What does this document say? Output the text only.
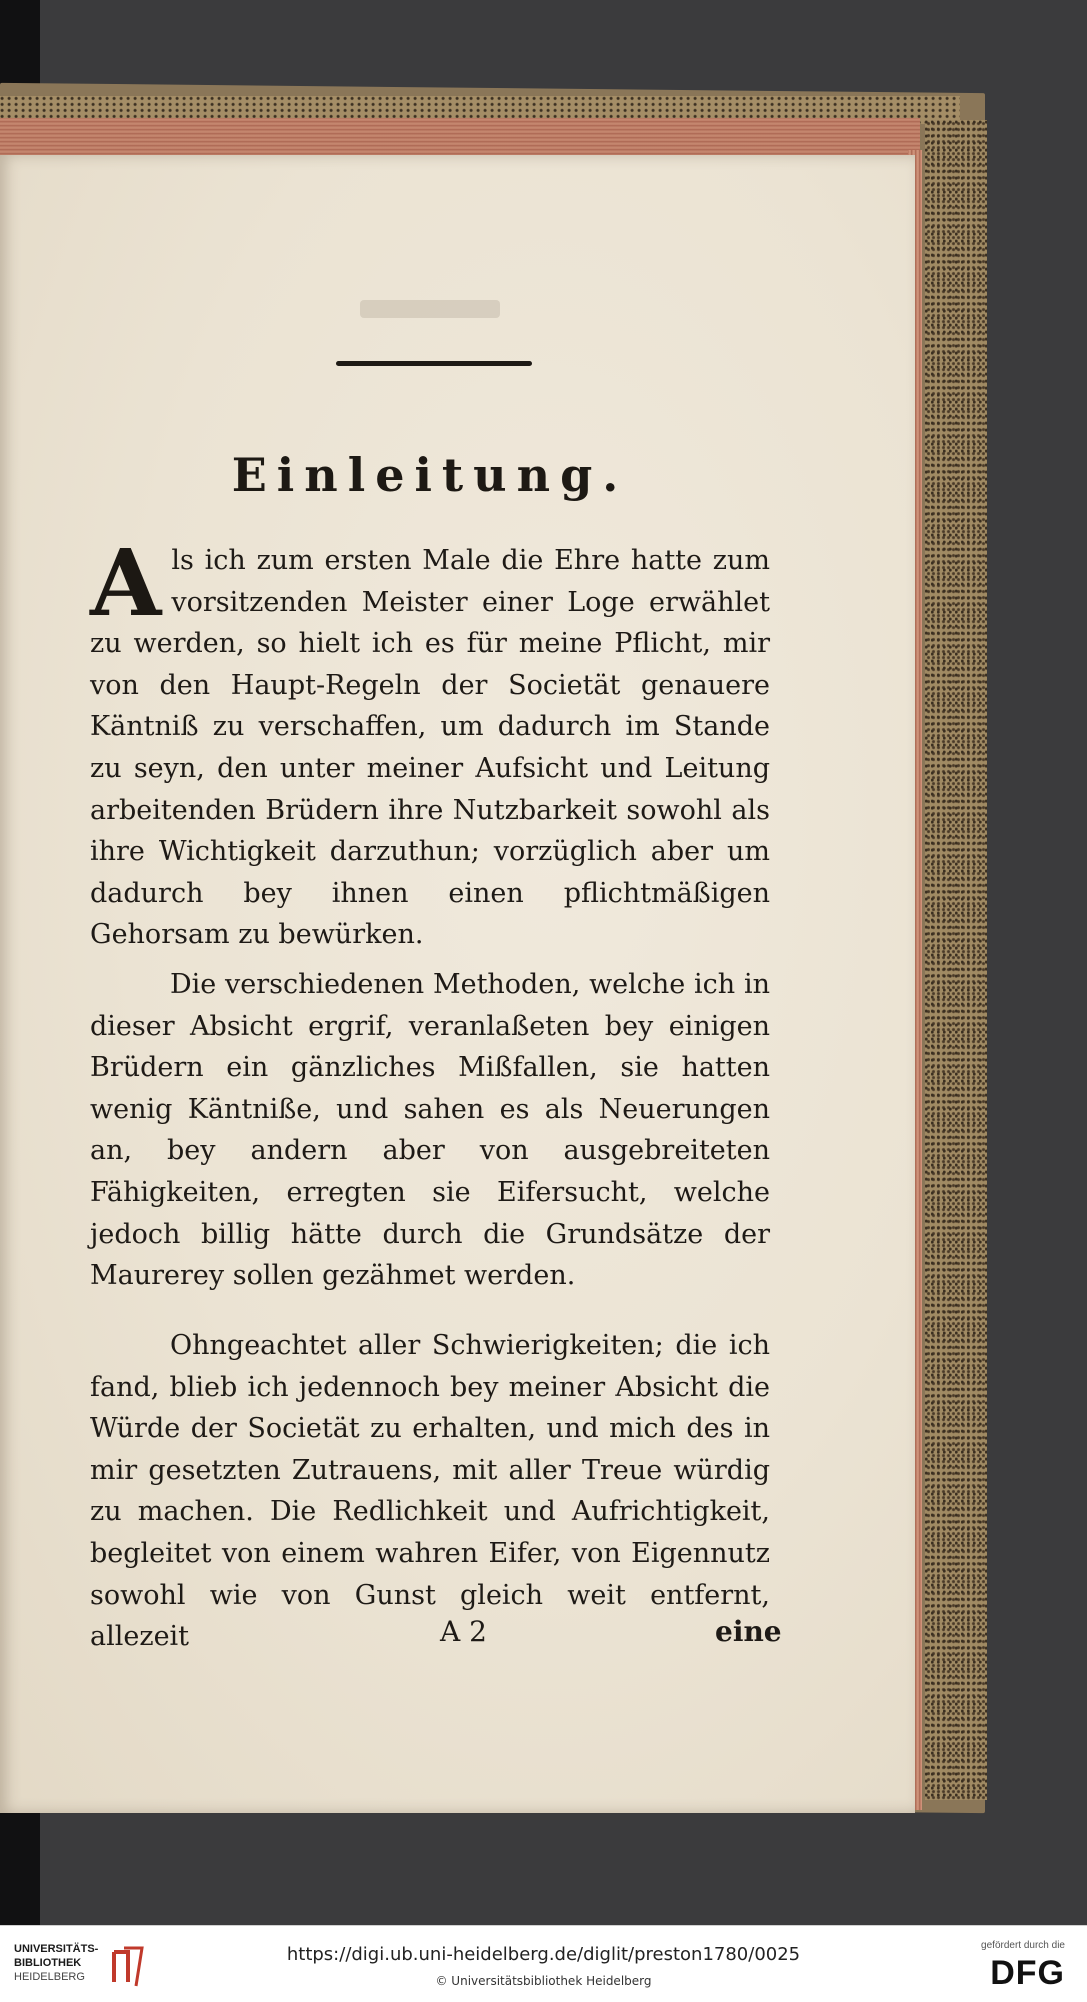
Einleitung.

Als ich zum ersten Male die Ehre hatte zum vorsitzenden Meister einer Loge erwählet zu werden, so hielt ich es für meine Pflicht, mir von den Haupt-Regeln der Societät genauere Käntniß zu verschaffen, um dadurch im Stande zu seyn, den unter meiner Aufsicht und Leitung arbeitenden Brüdern ihre Nutzbarkeit sowohl als ihre Wichtigkeit darzuthun; vorzüglich aber um dadurch bey ihnen einen pflichtmäßigen Gehorsam zu bewürken.

Die verschiedenen Methoden, welche ich in dieser Absicht ergrif, veranlaßeten bey einigen Brüdern ein gänzliches Mißfallen, sie hatten wenig Käntniße, und sahen es als Neuerungen an, bey andern aber von ausgebreiteten Fähigkeiten, erregten sie Eifersucht, welche jedoch billig hätte durch die Grundsätze der Maurerey sollen gezähmet werden.

Ohngeachtet aller Schwierigkeiten; die ich fand, blieb ich jedennoch bey meiner Absicht die Würde der Societät zu erhalten, und mich des in mir gesetzten Zutrauens, mit aller Treue würdig zu machen. Die Redlichkeit und Aufrichtigkeit, begleitet von einem wahren Eifer, von Eigennutz sowohl wie von Gunst gleich weit entfernt, allezeit	A 2	eine
UNIVERSITÄTS-
BIBLIOTHEK
HEIDELBERG
https://digi.ub.uni-heidelberg.de/diglit/preston1780/0025
© Universitätsbibliothek Heidelberg
gefördert durch die
DFG
